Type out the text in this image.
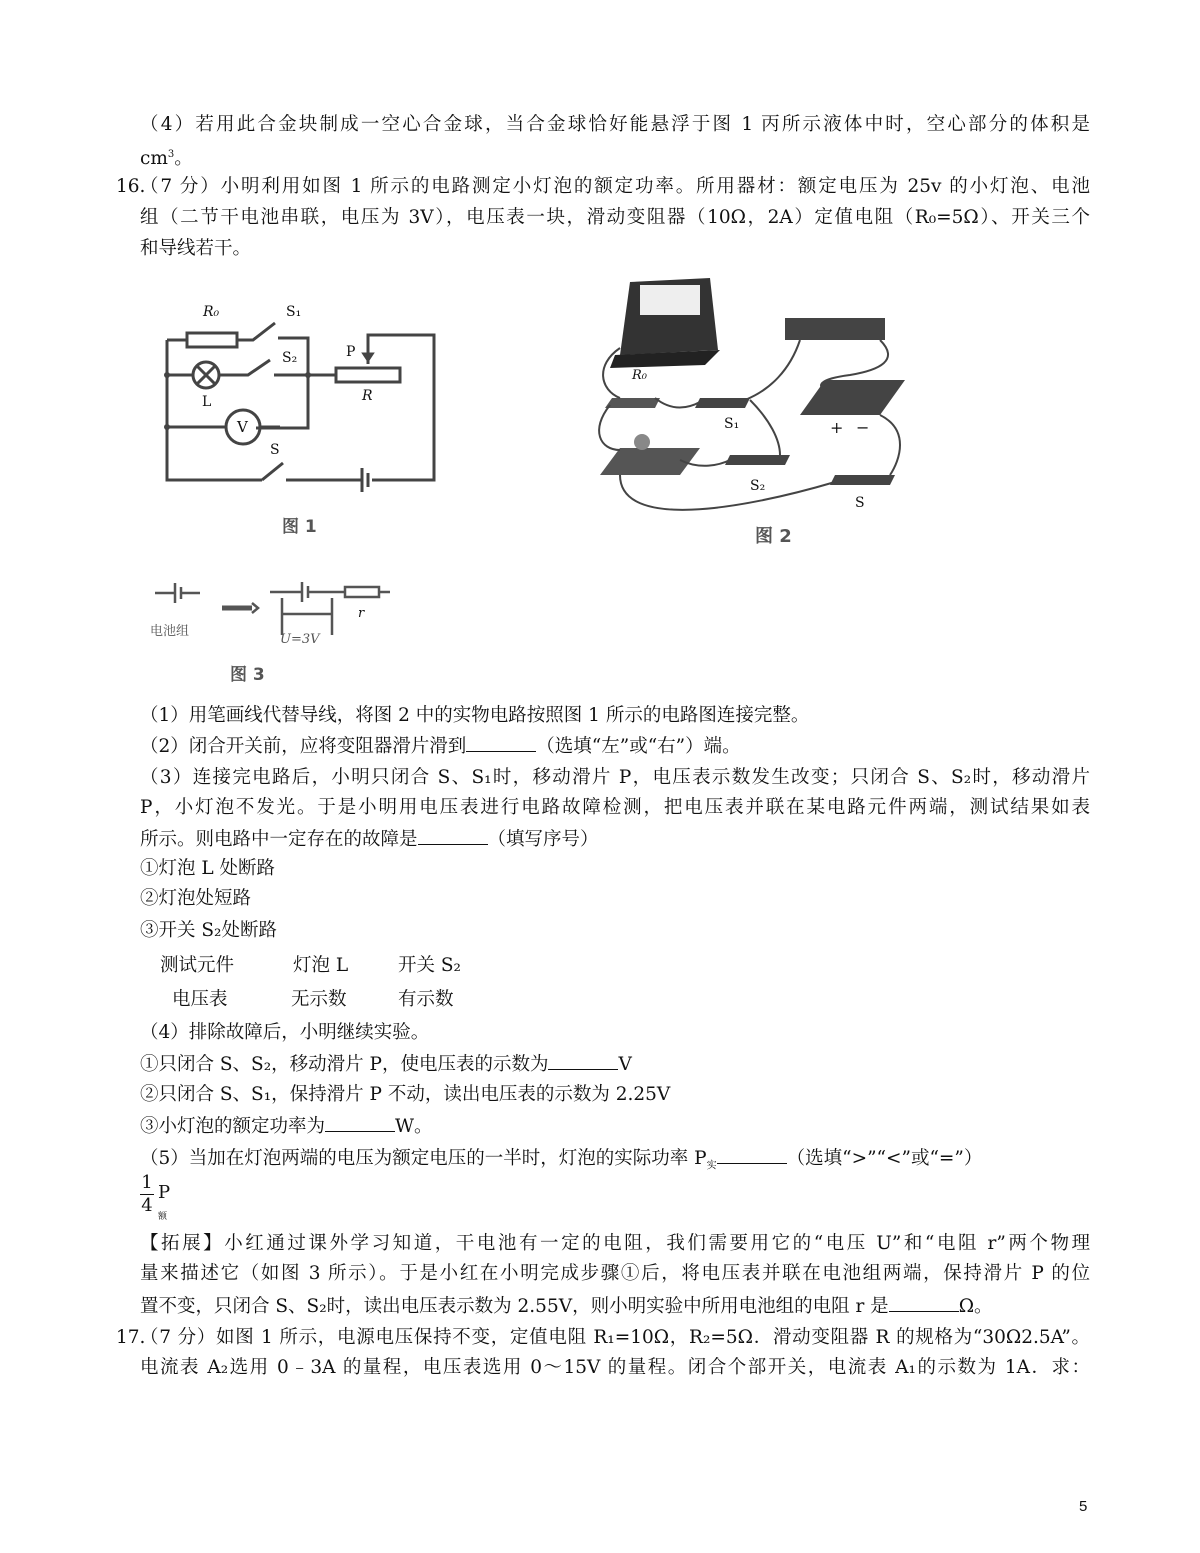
（4）若用此合金块制成一空心合金球，当合金球恰好能悬浮于图 1 丙所示液体中时，空心部分的体积是
$cm^3$。
16.
（7 分）小明利用如图 1 所示的电路测定小灯泡的额定功率。所用器材：额定电压为 25v 的小灯泡、电池
组（二节干电池串联，电压为 3V），电压表一块，滑动变阻器（10Ω，2A）定值电阻（R₀=5Ω）、开关三个
和导线若干。
R₀	S₁
S₂	P
R
L
V
S
图 1
R₀
S₁
S₂
S
+ −
图 2
电池组
U=3V
r
图 3
（1）用笔画线代替导线，将图 2 中的实物电路按照图 1 所示的电路图连接完整。
（2）闭合开关前，应将变阻器滑片滑到	（选填“左”或“右”）端。
（3）连接完电路后，小明只闭合 S、S₁时，移动滑片 P，电压表示数发生改变；只闭合 S、S₂时，移动滑片
P，小灯泡不发光。于是小明用电压表进行电路故障检测，把电压表并联在某电路元件两端，测试结果如表
所示。则电路中一定存在的故障是	（填写序号）
①灯泡 L 处断路
②灯泡处短路
③开关 S₂处断路
测试元件	灯泡 L	开关 S₂
电压表	无示数	有示数
（4）排除故障后，小明继续实验。
①只闭合 S、S₂，移动滑片 P，使电压表的示数为	V
②只闭合 S、S₁，保持滑片 P 不动，读出电压表的示数为 2.25V
③小灯泡的额定功率为	W。
（5）当加在灯泡两端的电压为额定电压的一半时，灯泡的实际功率 $P_实$	（选填“>”“<”或“=”）
1
4
P额
【拓展】小红通过课外学习知道，干电池有一定的电阻，我们需要用它的“电压 U”和“电阻 r”两个物理
量来描述它（如图 3 所示）。于是小红在小明完成步骤①后，将电压表并联在电池组两端，保持滑片 P 的位
置不变，只闭合 S、S₂时，读出电压表示数为 2.55V，则小明实验中所用电池组的电阻 r 是	Ω。
17.
（7 分）如图 1 所示，电源电压保持不变，定值电阻 R₁=10Ω，R₂=5Ω．滑动变阻器 R 的规格为“30Ω2.5A”。
电流表 A₂选用 0﹣3A 的量程，电压表选用 0～15V 的量程。闭合个部开关，电流表 A₁的示数为 1A．求：
5
